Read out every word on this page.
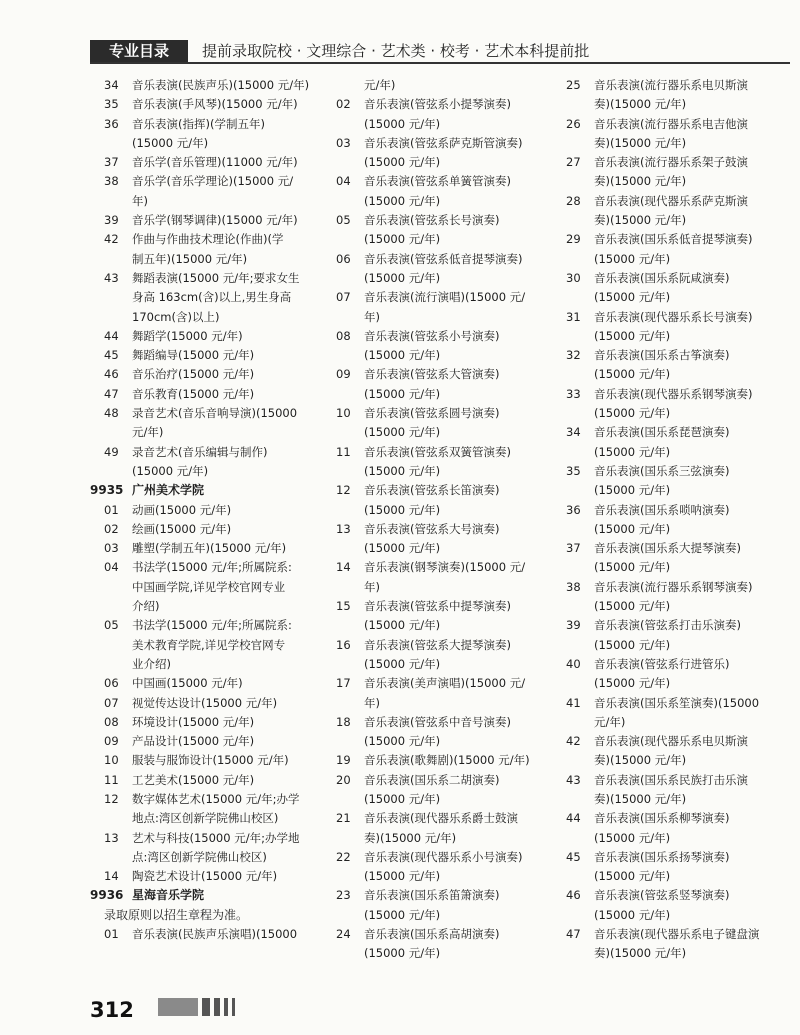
专业目录	提前录取院校 · 文理综合 · 艺术类 · 校考 · 艺术本科提前批
34	音乐表演(民族声乐)(15000 元/年)
35	音乐表演(手风琴)(15000 元/年)
36	音乐表演(指挥)(学制五年)
(15000 元/年)
37	音乐学(音乐管理)(11000 元/年)
38	音乐学(音乐学理论)(15000 元/
年)
39	音乐学(钢琴调律)(15000 元/年)
42	作曲与作曲技术理论(作曲)(学
制五年)(15000 元/年)
43	舞蹈表演(15000 元/年;要求女生
身高 163cm(含)以上,男生身高
170cm(含)以上)
44	舞蹈学(15000 元/年)
45	舞蹈编导(15000 元/年)
46	音乐治疗(15000 元/年)
47	音乐教育(15000 元/年)
48	录音艺术(音乐音响导演)(15000
元/年)
49	录音艺术(音乐编辑与制作)
(15000 元/年)
9935 广州美术学院
01	动画(15000 元/年)
02	绘画(15000 元/年)
03	雕塑(学制五年)(15000 元/年)
04	书法学(15000 元/年;所属院系:
中国画学院,详见学校官网专业
介绍)
05	书法学(15000 元/年;所属院系:
美术教育学院,详见学校官网专
业介绍)
06	中国画(15000 元/年)
07	视觉传达设计(15000 元/年)
08	环境设计(15000 元/年)
09	产品设计(15000 元/年)
10	服装与服饰设计(15000 元/年)
11	工艺美术(15000 元/年)
12	数字媒体艺术(15000 元/年;办学
地点:湾区创新学院佛山校区)
13	艺术与科技(15000 元/年;办学地
点:湾区创新学院佛山校区)
14	陶瓷艺术设计(15000 元/年)
9936 星海音乐学院
录取原则以招生章程为准。
01	音乐表演(民族声乐演唱)(15000
元/年)
02	音乐表演(管弦系小提琴演奏)
(15000 元/年)
03	音乐表演(管弦系萨克斯管演奏)
(15000 元/年)
04	音乐表演(管弦系单簧管演奏)
(15000 元/年)
05	音乐表演(管弦系长号演奏)
(15000 元/年)
06	音乐表演(管弦系低音提琴演奏)
(15000 元/年)
07	音乐表演(流行演唱)(15000 元/
年)
08	音乐表演(管弦系小号演奏)
(15000 元/年)
09	音乐表演(管弦系大管演奏)
(15000 元/年)
10	音乐表演(管弦系圆号演奏)
(15000 元/年)
11	音乐表演(管弦系双簧管演奏)
(15000 元/年)
12	音乐表演(管弦系长笛演奏)
(15000 元/年)
13	音乐表演(管弦系大号演奏)
(15000 元/年)
14	音乐表演(钢琴演奏)(15000 元/
年)
15	音乐表演(管弦系中提琴演奏)
(15000 元/年)
16	音乐表演(管弦系大提琴演奏)
(15000 元/年)
17	音乐表演(美声演唱)(15000 元/
年)
18	音乐表演(管弦系中音号演奏)
(15000 元/年)
19	音乐表演(歌舞剧)(15000 元/年)
20	音乐表演(国乐系二胡演奏)
(15000 元/年)
21	音乐表演(现代器乐系爵士鼓演
奏)(15000 元/年)
22	音乐表演(现代器乐系小号演奏)
(15000 元/年)
23	音乐表演(国乐系笛箫演奏)
(15000 元/年)
24	音乐表演(国乐系高胡演奏)
(15000 元/年)
25	音乐表演(流行器乐系电贝斯演
奏)(15000 元/年)
26	音乐表演(流行器乐系电吉他演
奏)(15000 元/年)
27	音乐表演(流行器乐系架子鼓演
奏)(15000 元/年)
28	音乐表演(现代器乐系萨克斯演
奏)(15000 元/年)
29	音乐表演(国乐系低音提琴演奏)
(15000 元/年)
30	音乐表演(国乐系阮咸演奏)
(15000 元/年)
31	音乐表演(现代器乐系长号演奏)
(15000 元/年)
32	音乐表演(国乐系古筝演奏)
(15000 元/年)
33	音乐表演(现代器乐系钢琴演奏)
(15000 元/年)
34	音乐表演(国乐系琵琶演奏)
(15000 元/年)
35	音乐表演(国乐系三弦演奏)
(15000 元/年)
36	音乐表演(国乐系唢呐演奏)
(15000 元/年)
37	音乐表演(国乐系大提琴演奏)
(15000 元/年)
38	音乐表演(流行器乐系钢琴演奏)
(15000 元/年)
39	音乐表演(管弦系打击乐演奏)
(15000 元/年)
40	音乐表演(管弦系行进管乐)
(15000 元/年)
41	音乐表演(国乐系笙演奏)(15000
元/年)
42	音乐表演(现代器乐系电贝斯演
奏)(15000 元/年)
43	音乐表演(国乐系民族打击乐演
奏)(15000 元/年)
44	音乐表演(国乐系柳琴演奏)
(15000 元/年)
45	音乐表演(国乐系扬琴演奏)
(15000 元/年)
46	音乐表演(管弦系竖琴演奏)
(15000 元/年)
47	音乐表演(现代器乐系电子键盘演
奏)(15000 元/年)
312
